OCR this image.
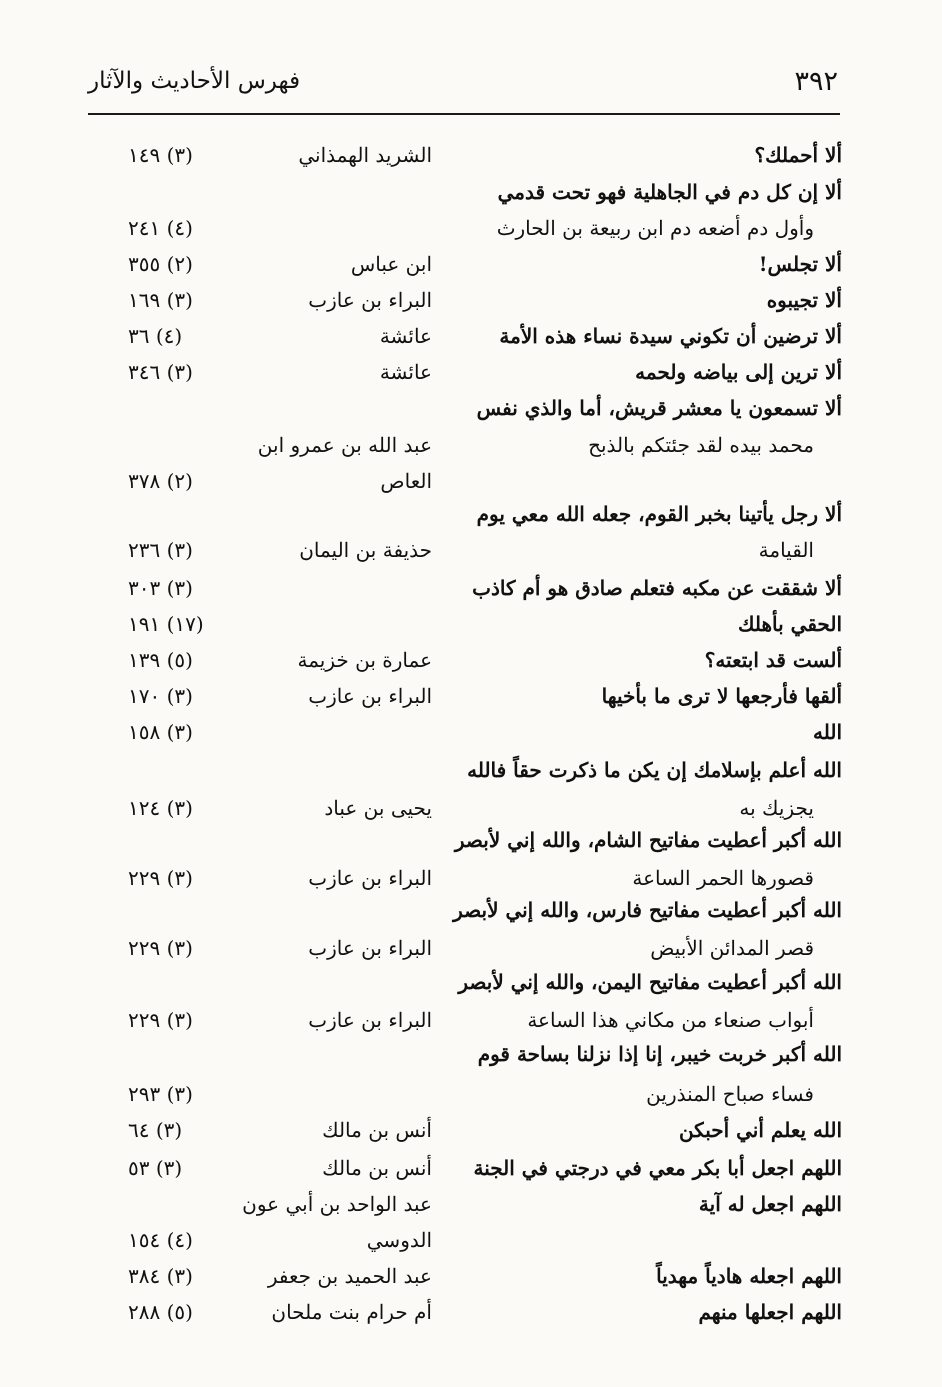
٣٩٢
فهرس الأحاديث والآثار
ألا أحملك؟
الشريد الهمذاني
(٣) ١٤٩
ألا إن كل دم في الجاهلية فهو تحت قدمي
وأول دم أضعه دم ابن ربيعة بن الحارث
(٤) ٢٤١
ألا تجلس!
ابن عباس
(٢) ٣٥٥
ألا تجيبوه
البراء بن عازب
(٣) ١٦٩
ألا ترضين أن تكوني سيدة نساء هذه الأمة
عائشة
(٤) ٣٦
ألا ترين إلى بياضه ولحمه
عائشة
(٣) ٣٤٦
ألا تسمعون يا معشر قريش، أما والذي نفس
محمد بيده لقد جئتكم بالذبح
عبد الله بن عمرو ابن
العاص
(٢) ٣٧٨
ألا رجل يأتينا بخبر القوم، جعله الله معي يوم
القيامة
حذيفة بن اليمان
(٣) ٢٣٦
ألا شققت عن مكبه فتعلم صادق هو أم كاذب
(٣) ٣٠٣
الحقي بأهلك
(١٧) ١٩١
ألست قد ابتعته؟
عمارة بن خزيمة
(٥) ١٣٩
ألقها فأرجعها لا ترى ما بأخيها
البراء بن عازب
(٣) ١٧٠
الله
(٣) ١٥٨
الله أعلم بإسلامك إن يكن ما ذكرت حقاً فالله
يجزيك به
يحيى بن عباد
(٣) ١٢٤
الله أكبر أعطيت مفاتيح الشام، والله إني لأبصر
قصورها الحمر الساعة
البراء بن عازب
(٣) ٢٢٩
الله أكبر أعطيت مفاتيح فارس، والله إني لأبصر
قصر المدائن الأبيض
البراء بن عازب
(٣) ٢٢٩
الله أكبر أعطيت مفاتيح اليمن، والله إني لأبصر
أبواب صنعاء من مكاني هذا الساعة
البراء بن عازب
(٣) ٢٢٩
الله أكبر خربت خيبر، إنا إذا نزلنا بساحة قوم
فساء صباح المنذرين
(٣) ٢٩٣
الله يعلم أني أحبكن
أنس بن مالك
(٣) ٦٤
اللهم اجعل أبا بكر معي في درجتي في الجنة
أنس بن مالك
(٣) ٥٣
اللهم اجعل له آية
عبد الواحد بن أبي عون
الدوسي
(٤) ١٥٤
اللهم اجعله هادياً مهدياً
عبد الحميد بن جعفر
(٣) ٣٨٤
اللهم اجعلها منهم
أم حرام بنت ملحان
(٥) ٢٨٨
